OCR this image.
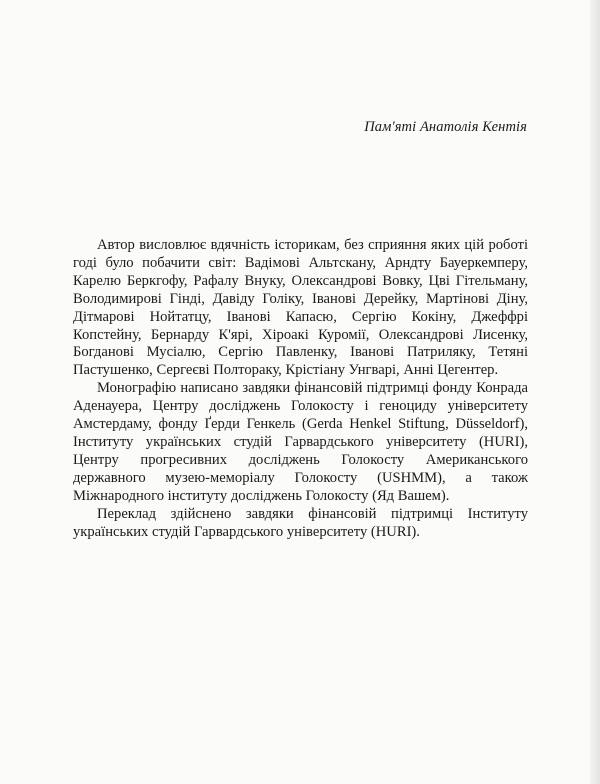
Пам'яті Анатолія Кентія

Автор висловлює вдячність історикам, без сприяння яких цій роботі годі було побачити світ: Вадімові Альтскану, Арндту Бауеркемперу, Карелю Беркгофу, Рафалу Внуку, Олександрові Вовку, Цві Гітельману, Володимирові Гінді, Давіду Голіку, Іванові Дерейку, Мартінові Діну, Дітмарові Нойтатцу, Іванові Капасю, Сергію Кокіну, Джеффрі Копстейну, Бернарду К'ярі, Хіроакі Куромії, Олександрові Лисенку, Богданові Мусіалю, Сергію Павленку, Іванові Патриляку, Тетяні Пастушенко, Сергеєві Полтораку, Крістіану Унгварі, Анні Цегентер.

Монографію написано завдяки фінансовій підтримці фонду Конрада Аденауера, Центру досліджень Голокосту і геноциду університету Амстердаму, фонду Ґерди Генкель (Gerda Henkel Stiftung, Düsseldorf), Інституту українських студій Гарвардського університету (HURI), Центру прогресивних досліджень Голокосту Американського державного музею-меморіалу Голокосту (USHMM), а також Міжнародного інституту досліджень Голокосту (Яд Вашем).

Переклад здійснено завдяки фінансовій підтримці Інституту українських студій Гарвардського університету (HURI).
